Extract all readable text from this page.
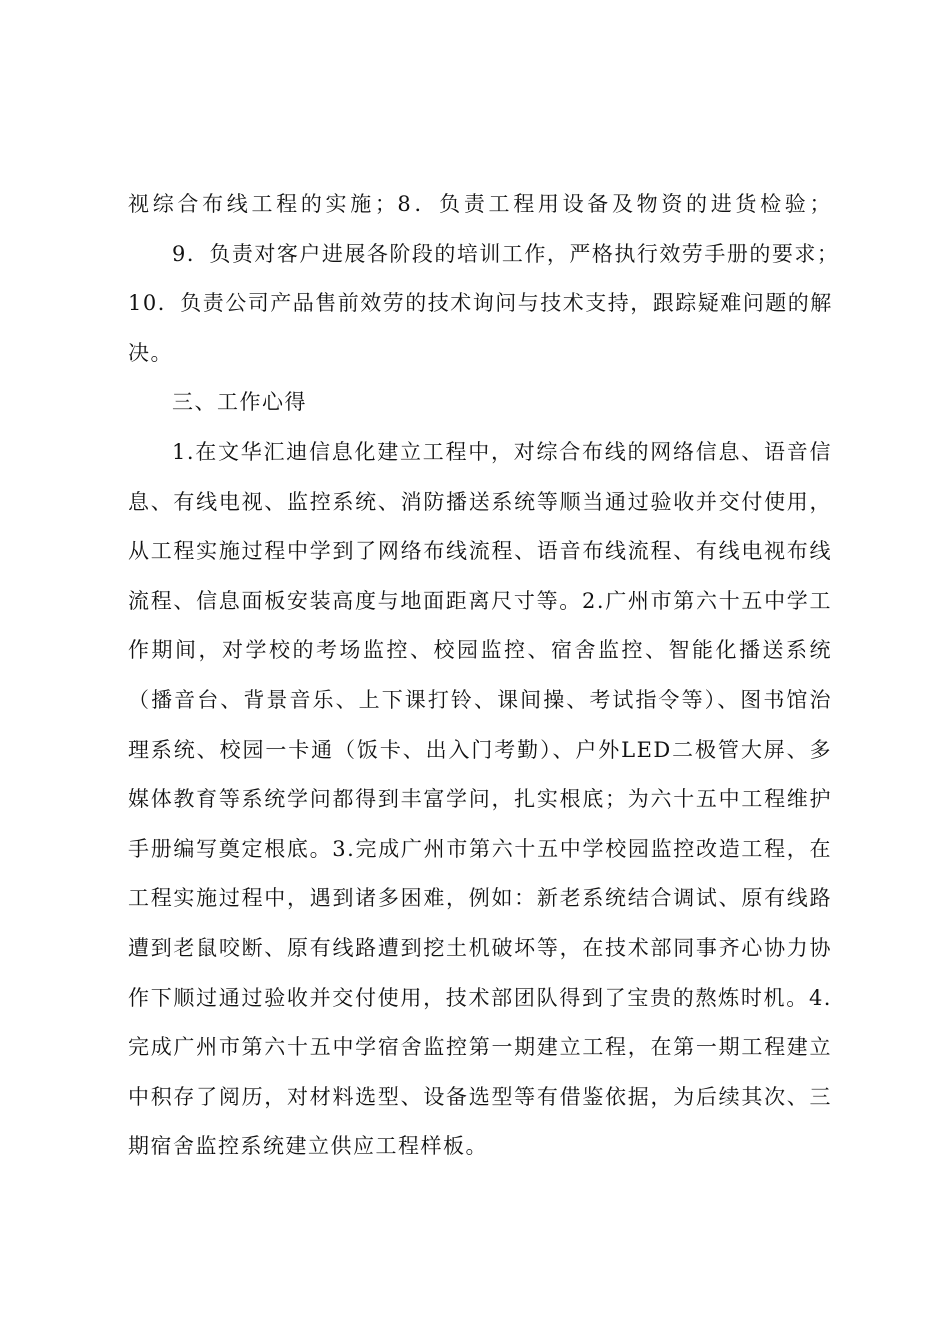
视综合布线工程的实施；8．负责工程用设备及物资的进货检验；
9．负责对客户进展各阶段的培训工作，严格执行效劳手册的要求；
10．负责公司产品售前效劳的技术询问与技术支持，跟踪疑难问题的解
决。
三、工作心得
1.在文华汇迪信息化建立工程中，对综合布线的网络信息、语音信
息、有线电视、监控系统、消防播送系统等顺当通过验收并交付使用，
从工程实施过程中学到了网络布线流程、语音布线流程、有线电视布线
流程、信息面板安装高度与地面距离尺寸等。2.广州市第六十五中学工
作期间，对学校的考场监控、校园监控、宿舍监控、智能化播送系统
（播音台、背景音乐、上下课打铃、课间操、考试指令等）、图书馆治
理系统、校园一卡通（饭卡、出入门考勤）、户外LED二极管大屏、多
媒体教育等系统学问都得到丰富学问，扎实根底；为六十五中工程维护
手册编写奠定根底。3.完成广州市第六十五中学校园监控改造工程，在
工程实施过程中，遇到诸多困难，例如：新老系统结合调试、原有线路
遭到老鼠咬断、原有线路遭到挖土机破坏等，在技术部同事齐心协力协
作下顺过通过验收并交付使用，技术部团队得到了宝贵的熬炼时机。4.
完成广州市第六十五中学宿舍监控第一期建立工程，在第一期工程建立
中积存了阅历，对材料选型、设备选型等有借鉴依据，为后续其次、三
期宿舍监控系统建立供应工程样板。
